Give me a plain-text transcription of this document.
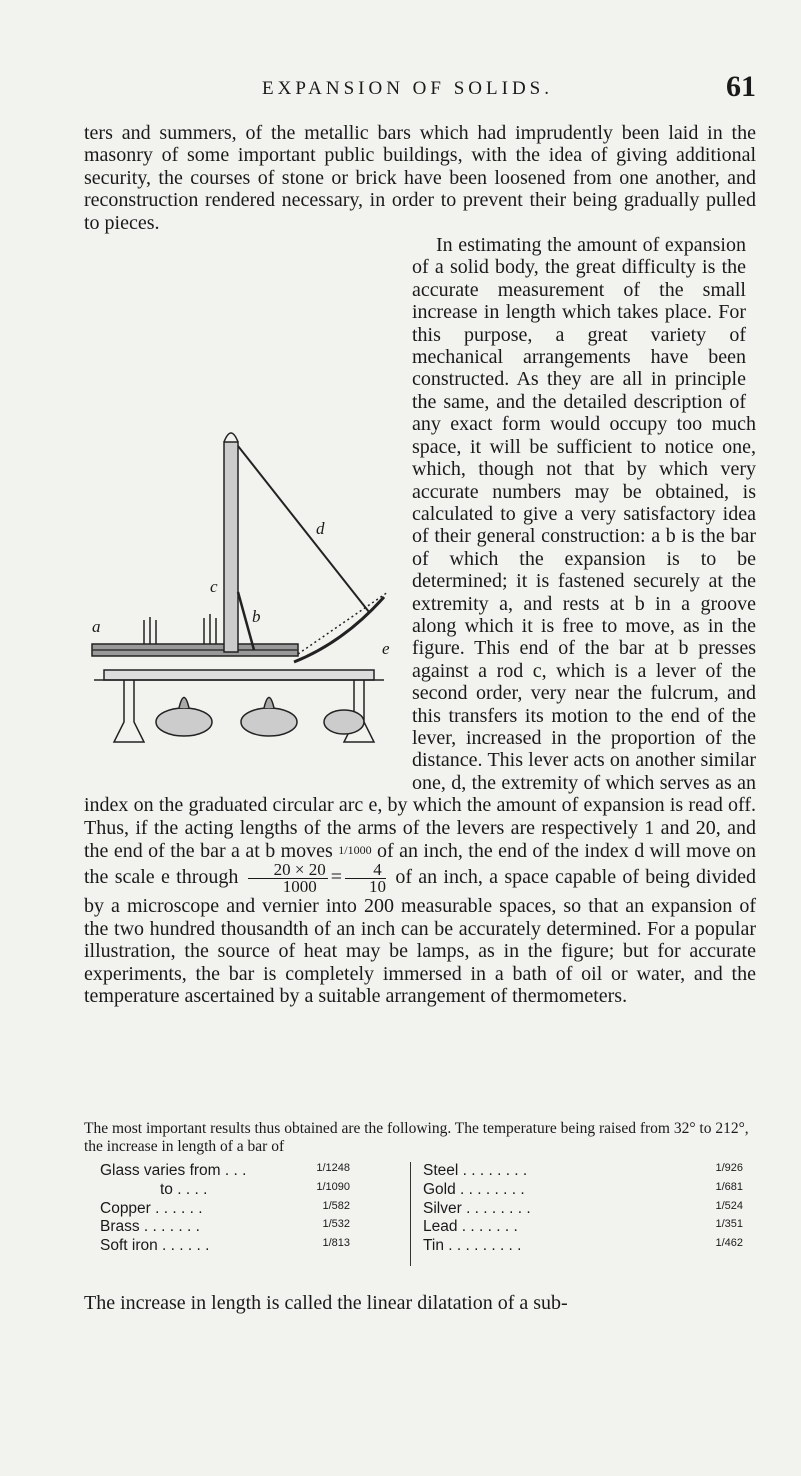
EXPANSION OF SOLIDS.	61

ters and summers, of the metallic bars which had imprudently been laid in the masonry of some important public buildings, with the idea of giving additional security, the courses of stone or brick have been loosened from one another, and reconstruction rendered necessary, in order to prevent their being gradually pulled to pieces.

a
b
c
d
e
In estimating the amount of expansion of a solid body, the great difficulty is the accurate measurement of the small increase in length which takes place. For this purpose, a great variety of mechanical arrangements have been constructed. As they are all in principle the same, and the detailed description of any exact form would occupy too much space, it will be sufficient to notice one, which, though not that by which very accurate numbers may be obtained, is calculated to give a very satisfactory idea of their general construction: a b is the bar of which the expansion is to be determined; it is fastened securely at the extremity a, and rests at b in a groove along which it is free to move, as in the figure. This end of the bar at b presses against a rod c, which is a lever of the second order, very near the fulcrum, and this transfers its motion to the end of the lever, increased in the proportion of the distance. This lever acts on another similar one, d, the extremity of which serves as an index on the graduated circular arc e, by which the amount of expansion is read off. Thus, if the acting lengths of the arms of the levers are respectively 1 and 20, and the end of the bar a at b moves 1/1000 of an inch, the end of the index d will move on the scale e through $\frac{20 \times 20}{1000} = \frac{4}{10}$ of an inch, a space capable of being divided by a microscope and vernier into 200 measurable spaces, so that an expansion of the two hundred thousandth of an inch can be accurately determined. For a popular illustration, the source of heat may be lamps, as in the figure; but for accurate experiments, the bar is completely immersed in a bath of oil or water, and the temperature ascertained by a suitable arrangement of thermometers.

The most important results thus obtained are the following. The temperature being raised from 32° to 212°, the increase in length of a bar of
Glass varies from . . .	1/1248
to . . . .	1/1090
Copper . . . . . .	1/582
Brass . . . . . . .	1/532
Soft iron . . . . . .	1/813
Steel . . . . . . . .	1/926
Gold . . . . . . . .	1/681
Silver . . . . . . . .	1/524
Lead . . . . . . .	1/351
Tin . . . . . . . . .	1/462
The increase in length is called the linear dilatation of a sub-
